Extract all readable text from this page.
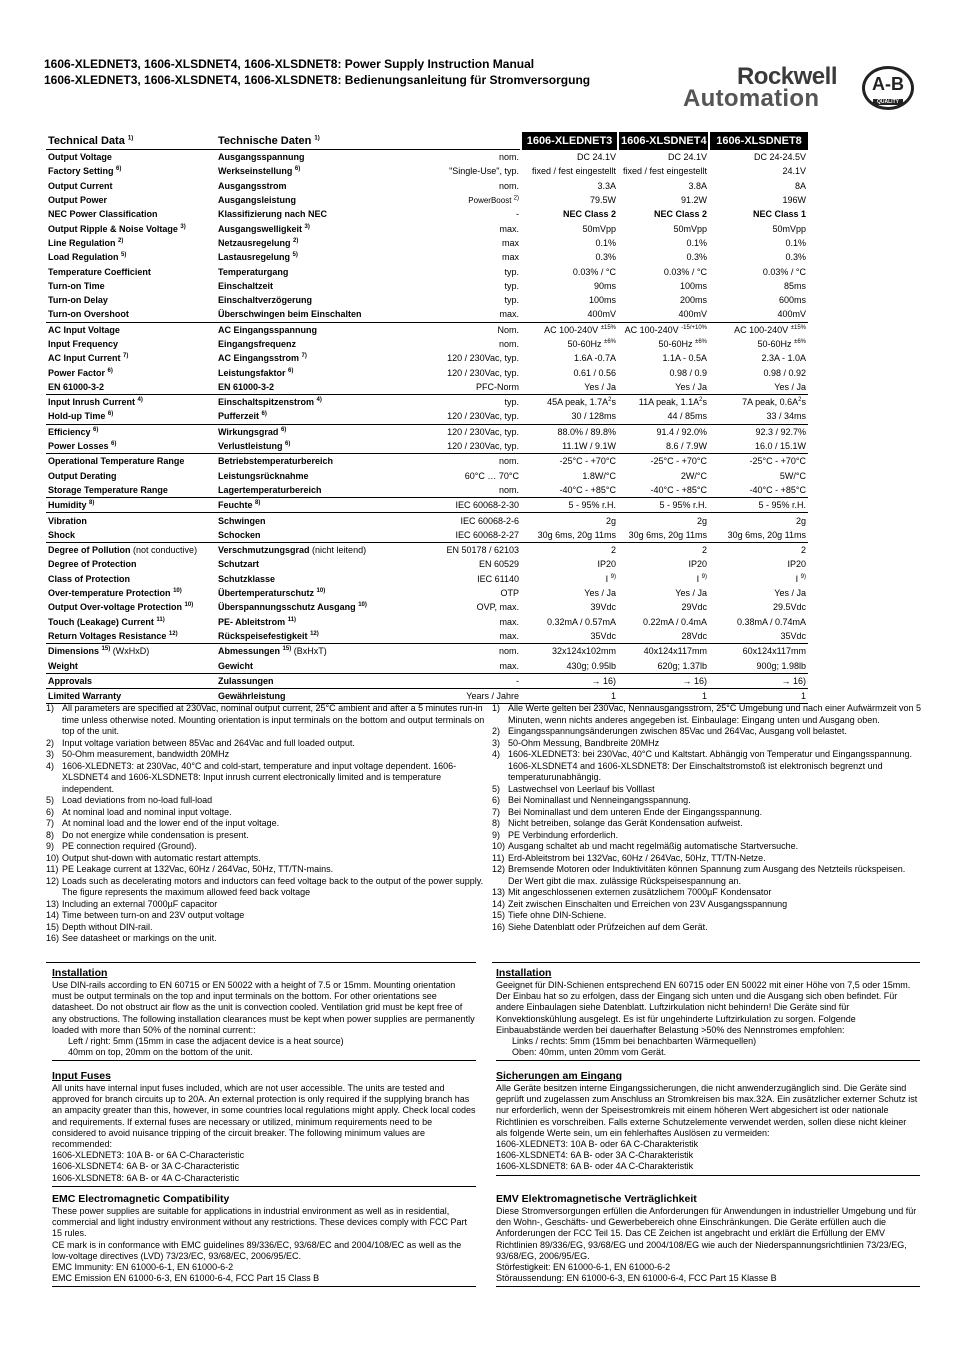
1606-XLEDNET3, 1606-XLSDNET4, 1606-XLSDNET8: Power Supply Instruction Manual
1606-XLEDNET3, 1606-XLSDNET4, 1606-XLSDNET8: Bedienungsanleitung für Stromversorgung	Rockwell
Automation
A-B
QUALITY
Technical Data $^{1)}$	Technische Daten $^{1)}$		1606-XLEDNET3	1606-XLSDNET4	1606-XLSDNET8
Output Voltage	Ausgangsspannung	nom.	DC 24.1V	DC 24.1V	DC 24-24.5V
Factory Setting $^{6)}$	Werkseinstellung $^{6)}$	"Single-Use", typ.	fixed / fest eingestellt	fixed / fest eingestellt	24.1V
Output Current	Ausgangsstrom	nom.	3.3A	3.8A	8A
Output Power	Ausgangsleistung	PowerBoost $^{2)}$	79.5W	91.2W	196W
NEC Power Classification	Klassifizierung nach NEC	-	NEC Class 2	NEC Class 2	NEC Class 1
Output Ripple & Noise Voltage $^{3)}$	Ausgangswelligkeit $^{3)}$	max.	50mVpp	50mVpp	50mVpp
Line Regulation $^{2)}$	Netzausregelung $^{2)}$	max	0.1%	0.1%	0.1%
Load Regulation $^{5)}$	Lastausregelung $^{5)}$	max	0.3%	0.3%	0.3%
Temperature Coefficient	Temperaturgang	typ.	0.03% / °C	0.03% / °C	0.03% / °C
Turn-on Time	Einschaltzeit	typ.	90ms	100ms	85ms
Turn-on Delay	Einschaltverzögerung	typ.	100ms	200ms	600ms
Turn-on Overshoot	Überschwingen beim Einschalten	max.	400mV	400mV	400mV
AC Input Voltage	AC Eingangsspannung	Nom.	AC 100-240V $^{\pm 15\%}$	AC 100-240V $^{-15/+10\%}$	AC 100-240V $^{\pm 15\%}$
Input Frequency	Eingangsfrequenz	nom.	50-60Hz $^{\pm 6\%}$	50-60Hz $^{\pm 6\%}$	50-60Hz $^{\pm 6\%}$
AC Input Current $^{7)}$	AC Eingangsstrom $^{7)}$	120 / 230Vac, typ.	1.6A -0.7A	1.1A - 0.5A	2.3A - 1.0A
Power Factor $^{6)}$	Leistungsfaktor $^{6)}$	120 / 230Vac, typ.	0.61 / 0.56	0.98 / 0.9	0.98 / 0.92
EN 61000-3-2	EN 61000-3-2	PFC-Norm	Yes / Ja	Yes / Ja	Yes / Ja
Input Inrush Current $^{4)}$	Einschaltspitzenstrom $^{4)}$	typ.	45A peak, $1.7A^2s$	11A peak, $1.1A^2s$	7A peak, $0.6A^2s$
Hold-up Time $^{6)}$	Pufferzeit $^{6)}$	120 / 230Vac, typ.	30 / 128ms	44 / 85ms	33 / 34ms
Efficiency $^{6)}$	Wirkungsgrad $^{6)}$	120 / 230Vac, typ.	88.0% / 89.8%	91.4 / 92.0%	92.3 / 92.7%
Power Losses $^{6)}$	Verlustleistung $^{6)}$	120 / 230Vac, typ.	11.1W / 9.1W	8.6 / 7.9W	16.0 / 15.1W
Operational Temperature Range	Betriebstemperaturbereich	nom.	-25°C - +70°C	-25°C - +70°C	-25°C - +70°C
Output Derating	Leistungsrücknahme	60°C … 70°C	1.8W/°C	2W/°C	5W/°C
Storage Temperature Range	Lagertemperaturbereich	nom.	-40°C - +85°C	-40°C - +85°C	-40°C - +85°C
Humidity $^{8)}$	Feuchte $^{8)}$	IEC 60068-2-30	5 - 95% r.H.	5 - 95% r.H.	5 - 95% r.H.
Vibration	Schwingen	IEC 60068-2-6	2g	2g	2g
Shock	Schocken	IEC 60068-2-27	30g 6ms, 20g 11ms	30g 6ms, 20g 11ms	30g 6ms, 20g 11ms
Degree of Pollution (not conductive)	Verschmutzungsgrad (nicht leitend)	EN 50178 / 62103	2	2	2
Degree of Protection	Schutzart	EN 60529	IP20	IP20	IP20
Class of Protection	Schutzklasse	IEC 61140	I $^{9)}$	I $^{9)}$	I $^{9)}$
Over-temperature Protection $^{10)}$	Übertemperaturschutz $^{10)}$	OTP	Yes / Ja	Yes / Ja	Yes / Ja
Output Over-voltage Protection $^{10)}$	Überspannungsschutz Ausgang $^{10)}$	OVP, max.	39Vdc	29Vdc	29.5Vdc
Touch (Leakage) Current $^{11)}$	PE- Ableitstrom $^{11)}$	max.	0.32mA / 0.57mA	0.22mA / 0.4mA	0.38mA / 0.74mA
Return Voltages Resistance $^{12)}$	Rückspeisefestigkeit $^{12)}$	max.	35Vdc	28Vdc	35Vdc
Dimensions $^{15)}$ (WxHxD)	Abmessungen $^{15)}$ (BxHxT)	nom.	32x124x102mm	40x124x117mm	60x124x117mm
Weight	Gewicht	max.	430g; 0.95lb	620g; 1.37lb	900g; 1.98lb
Approvals	Zulassungen	-	→ 16)	→ 16)	→ 16)
Limited Warranty	Gewährleistung	Years / Jahre	1	1	1
1) All parameters are specified at 230Vac, nominal output current, 25°C ambient and after a 5 minutes run-in time unless otherwise noted. Mounting orientation is input terminals on the bottom and output terminals on top of the unit.
2) Input voltage variation between 85Vac and 264Vac and full loaded output.
3) 50-Ohm measurement, bandwidth 20MHz
4) 1606-XLEDNET3: at 230Vac, 40°C and cold-start, temperature and input voltage dependent. 1606-XLSDNET4 and 1606-XLSDNET8: Input inrush current electronically limited and is temperature independent.
5) Load deviations from no-load full-load
6) At nominal load and nominal input voltage.
7) At nominal load and the lower end of the input voltage.
8) Do not energize while condensation is present.
9) PE connection required (Ground).
10) Output shut-down with automatic restart attempts.
11) PE Leakage current at 132Vac, 60Hz / 264Vac, 50Hz, TT/TN-mains.
12) Loads such as decelerating motors and inductors can feed voltage back to the output of the power supply. The figure represents the maximum allowed feed back voltage
13) Including an external 7000µF capacitor
14) Time between turn-on and 23V output voltage
15) Depth without DIN-rail.
16) See datasheet or markings on the unit.
1) Alle Werte gelten bei 230Vac, Nennausgangsstrom, 25°C Umgebung und nach einer Aufwärmzeit von 5 Minuten, wenn nichts anderes angegeben ist. Einbaulage: Eingang unten und Ausgang oben.
2) Eingangsspannungsänderungen zwischen 85Vac und 264Vac, Ausgang voll belastet.
3) 50-Ohm Messung, Bandbreite 20MHz
4) 1606-XLEDNET3: bei 230Vac, 40°C und Kaltstart. Abhängig von Temperatur und Eingangsspannung. 1606-XLSDNET4 and 1606-XLSDNET8: Der Einschaltstromstoß ist elektronisch begrenzt und temperaturunabhängig.
5) Lastwechsel von Leerlauf bis Volllast
6) Bei Nominallast und Nenneingangsspannung.
7) Bei Nominallast und dem unteren Ende der Eingangsspannung.
8) Nicht betreiben, solange das Gerät Kondensation aufweist.
9) PE Verbindung erforderlich.
10) Ausgang schaltet ab und macht regelmäßig automatische Startversuche.
11) Erd-Ableitstrom bei 132Vac, 60Hz / 264Vac, 50Hz, TT/TN-Netze.
12) Bremsende Motoren oder Induktivitäten können Spannung zum Ausgang des Netzteils rückspeisen. Der Wert gibt die max. zulässige Rückspeisespannung an.
13) Mit angeschlossenen externen zusätzlichem 7000µF Kondensator
14) Zeit zwischen Einschalten und Erreichen von 23V Ausgangsspannung
15) Tiefe ohne DIN-Schiene.
16) Siehe Datenblatt oder Prüfzeichen auf dem Gerät.
Installation

Use DIN-rails according to EN 60715 or EN 50022 with a height of 7.5 or 15mm. Mounting orientation must be output terminals on the top and input terminals on the bottom. For other orientations see datasheet. Do not obstruct air flow as the unit is convection cooled. Ventilation grid must be kept free of any obstructions. The following installation clearances must be kept when power supplies are permanently loaded with more than 50% of the nominal current::

Left / right: 5mm (15mm in case the adjacent device is a heat source)

40mm on top, 20mm on the bottom of the unit.

Installation

Geeignet für DIN-Schienen entsprechend EN 60715 oder EN 50022 mit einer Höhe von 7,5 oder 15mm. Der Einbau hat so zu erfolgen, dass der Eingang sich unten und die Ausgang sich oben befindet. Für andere Einbaulagen siehe Datenblatt. Luftzirkulation nicht behindern! Die Geräte sind für Konvektionskühlung ausgelegt. Es ist für ungehinderte Luftzirkulation zu sorgen. Folgende Einbauabstände werden bei dauerhafter Belastung >50% des Nennstromes empfohlen:

Links / rechts: 5mm (15mm bei benachbarten Wärmequellen)

Oben: 40mm, unten 20mm vom Gerät.

Input Fuses

All units have internal input fuses included, which are not user accessible. The units are tested and approved for branch circuits up to 20A. An external protection is only required if the supplying branch has an ampacity greater than this, however, in some countries local regulations might apply. Check local codes and requirements. If external fuses are necessary or utilized, minimum requirements need to be considered to avoid nuisance tripping of the circuit breaker. The following minimum values are recommended:

1606-XLEDNET3: 10A B- or 6A C-Characteristic

1606-XLSDNET4: 6A B- or 3A C-Characteristic

1606-XLSDNET8: 6A B- or 4A C-Characteristic

Sicherungen am Eingang

Alle Geräte besitzen interne Eingangssicherungen, die nicht anwenderzugänglich sind. Die Geräte sind geprüft und zugelassen zum Anschluss an Stromkreisen bis max.32A. Ein zusätzlicher externer Schutz ist nur erforderlich, wenn der Speisestromkreis mit einem höheren Wert abgesichert ist oder nationale Richtlinien es vorschreiben. Falls externe Schutzelemente verwendet werden, sollen diese nicht kleiner als folgende Werte sein, um ein fehlerhaftes Auslösen zu vermeiden:

1606-XLEDNET3: 10A B- oder 6A C-Charakteristik

1606-XLSDNET4: 6A B- oder 3A C-Charakteristik

1606-XLSDNET8: 6A B- oder 4A C-Charakteristik

EMC Electromagnetic Compatibility

These power supplies are suitable for applications in industrial environment as well as in residential, commercial and light industry environment without any restrictions. These devices comply with FCC Part 15 rules.

CE mark is in conformance with EMC guidelines 89/336/EC, 93/68/EC and 2004/108/EC as well as the low-voltage directives (LVD) 73/23/EC, 93/68/EC, 2006/95/EC.

EMC Immunity: EN 61000-6-1, EN 61000-6-2

EMC Emission EN 61000-6-3, EN 61000-6-4, FCC Part 15 Class B

EMV Elektromagnetische Verträglichkeit

Diese Stromversorgungen erfüllen die Anforderungen für Anwendungen in industrieller Umgebung und für den Wohn-, Geschäfts- und Gewerbebereich ohne Einschränkungen. Die Geräte erfüllen auch die Anforderungen der FCC Teil 15. Das CE Zeichen ist angebracht und erklärt die Erfüllung der EMV Richtlinien 89/336/EG, 93/68/EG und 2004/108/EG wie auch der Niederspannungsrichtlinien 73/23/EG, 93/68/EG, 2006/95/EG.

Störfestigkeit: EN 61000-6-1, EN 61000-6-2

Störaussendung: EN 61000-6-3, EN 61000-6-4, FCC Part 15 Klasse B
